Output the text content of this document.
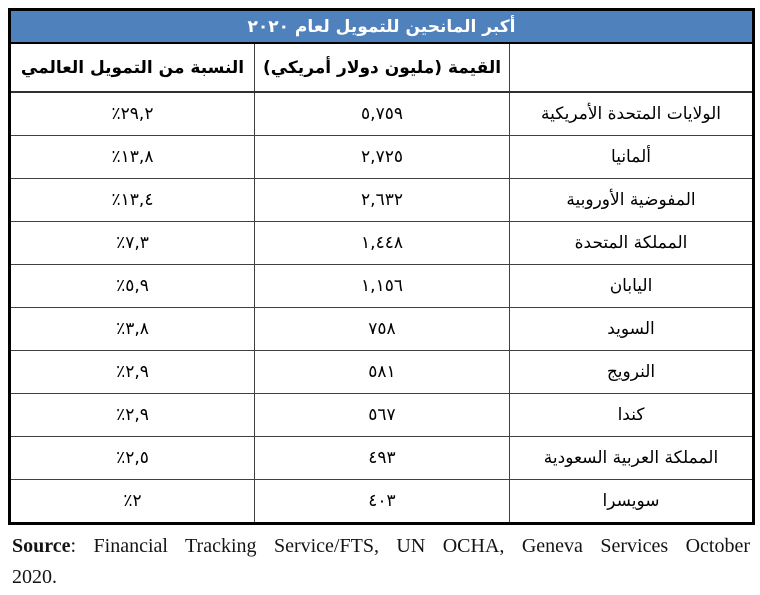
أكبر المانحين للتمويل لعام ٢٠٢٠		
	القيمة (مليون دولار أمريكي)	النسبة من التمويل العالمي
الولايات المتحدة الأمريكية	٥,٧٥٩	٪٢٩,٢
ألمانيا	٢,٧٢٥	٪١٣,٨
المفوضية الأوروبية	٢,٦٣٢	٪١٣,٤
المملكة المتحدة	١,٤٤٨	٪٧,٣
اليابان	١,١٥٦	٪٥,٩
السويد	٧٥٨	٪٣,٨
النرويج	٥٨١	٪٢,٩
كندا	٥٦٧	٪٢,٩
المملكة العربية السعودية	٤٩٣	٪٢,٥
سويسرا	٤٠٣	٪٢

Source: Financial Tracking Service/FTS, UN OCHA, Geneva Services October
2020.
